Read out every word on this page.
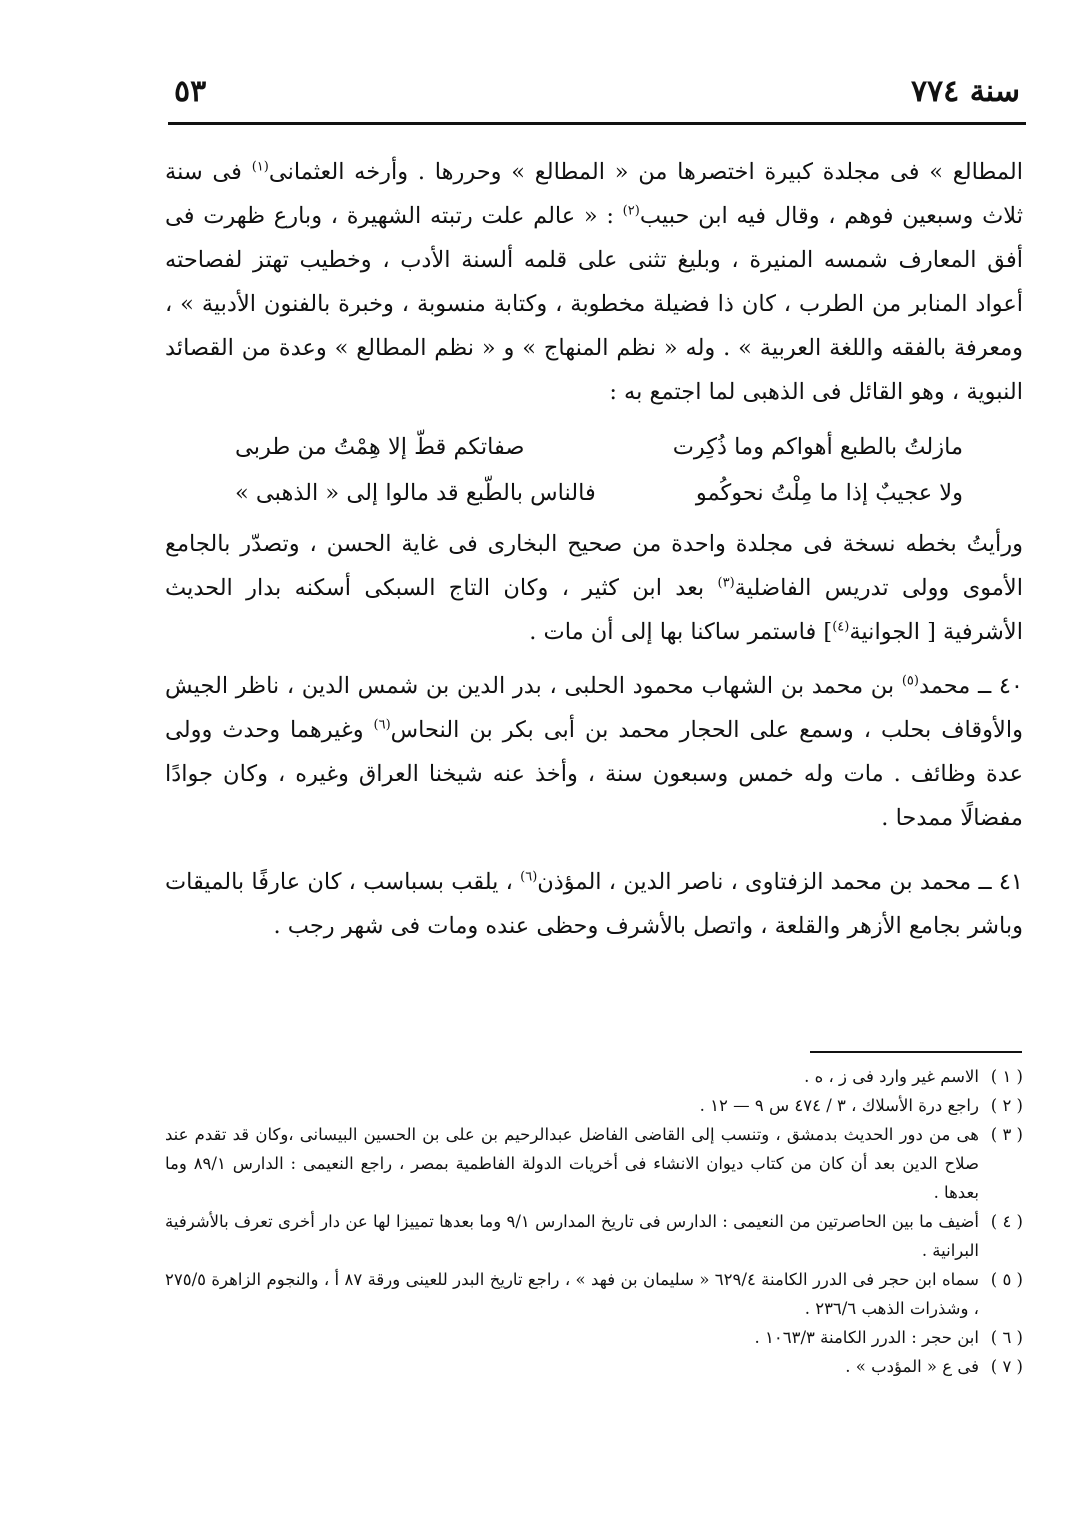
سنة ٧٧٤
٥٣

المطالع » فى مجلدة كبيرة اختصرها من « المطالع » وحررها . وأرخه العثمانى$^{(١)}$ فى سنة ثلاث وسبعين فوهم ، وقال فيه ابن حبيب$^{(٢)}$ : « عالم علت رتبته الشهيرة ، وبارع ظهرت فى أفق المعارف شمسه المنيرة ، وبليغ تثنى على قلمه ألسنة الأدب ، وخطيب تهتز لفصاحته أعواد المنابر من الطرب ، كان ذا فضيلة مخطوبة ، وكتابة منسوبة ، وخبرة بالفنون الأدبية » ، ومعرفة بالفقه واللغة العربية » . وله « نظم المنهاج » و « نظم المطالع » وعدة من القصائد النبوية ، وهو القائل فى الذهبى لما اجتمع به :

مازلتُ بالطبع أهواكم وما ذُكِرت
صفاتكم قطّ إلا هِمْتُ من طربى
ولا عجيبٌ إذا ما مِلْتُ نحوكُمو
فالناس بالطّبع قد مالوا إلى « الذهبى »

ورأيتُ بخطه نسخة فى مجلدة واحدة من صحيح البخارى فى غاية الحسن ، وتصدّر بالجامع الأموى وولى تدريس الفاضلية$^{(٣)}$ بعد ابن كثير ، وكان التاج السبكى أسكنه بدار الحديث الأشرفية [ الجوانية$^{(٤)}$] فاستمر ساكنا بها إلى أن مات .

٤٠ ــ محمد$^{(٥)}$ بن محمد بن الشهاب محمود الحلبى ، بدر الدين بن شمس الدين ، ناظر الجيش والأوقاف بحلب ، وسمع على الحجار محمد بن أبى بكر بن النحاس$^{(٦)}$ وغيرهما وحدث وولى عدة وظائف . مات وله خمس وسبعون سنة ، وأخذ عنه شيخنا العراق وغيره ، وكان جوادًا مفضالًا ممدحا .

٤١ ــ محمد بن محمد الزفتاوى ، ناصر الدين ، المؤذن$^{(٦)}$ ، يلقب بسباسب ، كان عارفًا بالميقات وباشر بجامع الأزهر والقلعة ، واتصل بالأشرف وحظى عنده ومات فى شهر رجب .

( ١ )
الاسم غير وارد فى ز ، ه .
( ٢ )
راجع درة الأسلاك ، ٣ / ٤٧٤ س ٩ — ١٢ .
( ٣ )
هى من دور الحديث بدمشق ، وتنسب إلى القاضى الفاضل عبدالرحيم بن على بن الحسين البيسانى ،وكان قد تقدم عند صلاح الدين بعد أن كان من كتاب ديوان الانشاء فى أخريات الدولة الفاطمية بمصر ، راجع النعيمى : الدارس ٨٩/١ وما بعدها .
( ٤ )
أضيف ما بين الحاصرتين من النعيمى : الدارس فى تاريخ المدارس ٩/١ وما بعدها تمييزا لها عن دار أخرى تعرف بالأشرفية البرانية .
( ٥ )
سماه ابن حجر فى الدرر الكامنة ٦٢٩/٤ « سليمان بن فهد » ، راجع تاريخ البدر للعينى ورقة ٨٧ أ ، والنجوم الزاهرة ٢٧٥/٥ ، وشذرات الذهب ٢٣٦/٦ .
( ٦ )
ابن حجر : الدرر الكامنة ١٠٦٣/٣ .
( ٧ )
فى ع « المؤدب » .
